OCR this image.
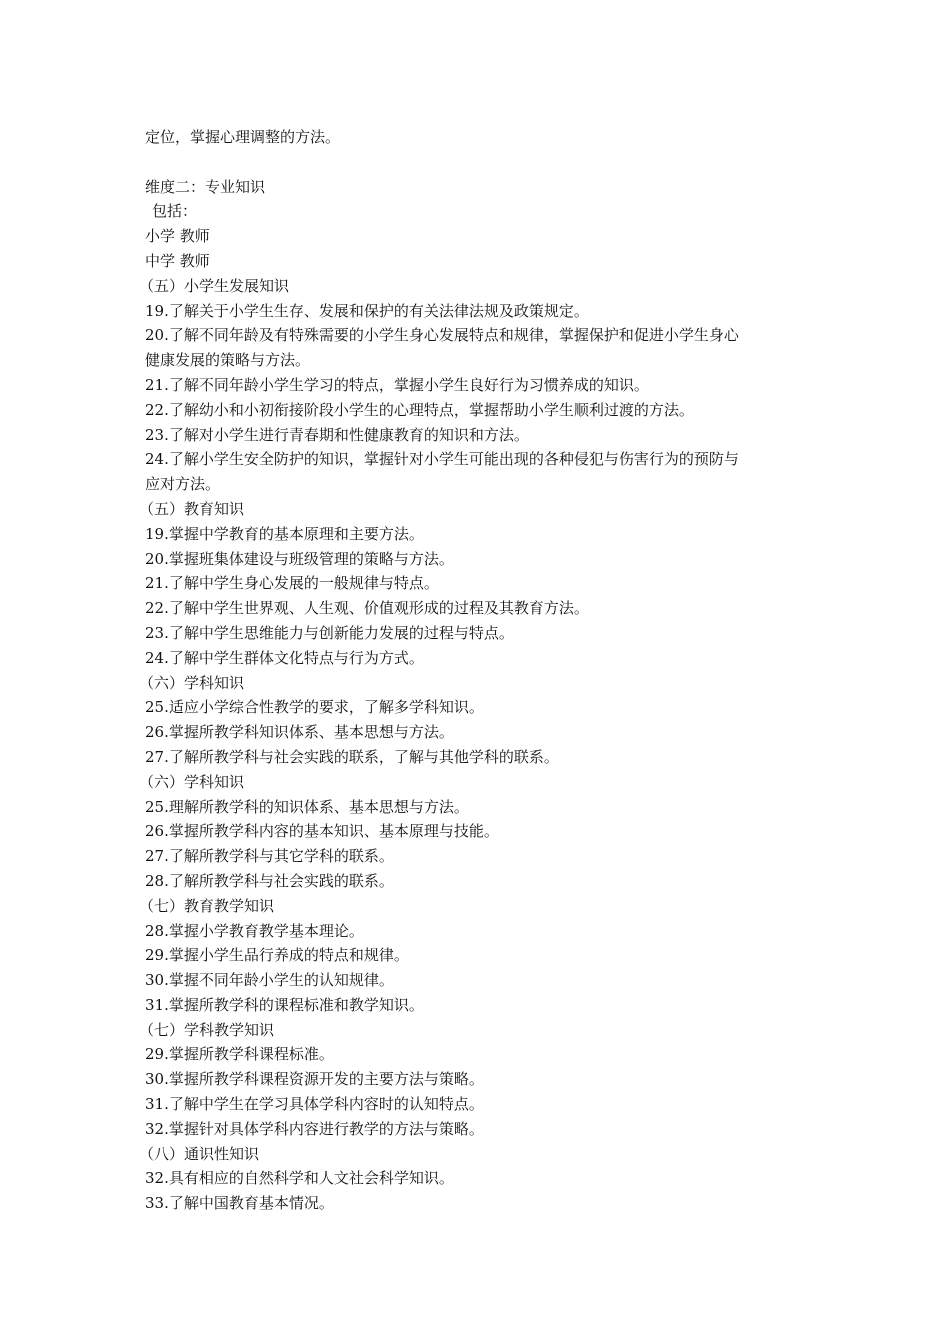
定位，掌握心理调整的方法。

维度二：专业知识

包括：

小学 教师

中学 教师

（五）小学生发展知识

19.了解关于小学生生存、发展和保护的有关法律法规及政策规定。

20.了解不同年龄及有特殊需要的小学生身心发展特点和规律，掌握保护和促进小学生身心

健康发展的策略与方法。

21.了解不同年龄小学生学习的特点，掌握小学生良好行为习惯养成的知识。

22.了解幼小和小初衔接阶段小学生的心理特点，掌握帮助小学生顺利过渡的方法。

23.了解对小学生进行青春期和性健康教育的知识和方法。

24.了解小学生安全防护的知识，掌握针对小学生可能出现的各种侵犯与伤害行为的预防与

应对方法。

（五）教育知识

19.掌握中学教育的基本原理和主要方法。

20.掌握班集体建设与班级管理的策略与方法。

21.了解中学生身心发展的一般规律与特点。

22.了解中学生世界观、人生观、价值观形成的过程及其教育方法。

23.了解中学生思维能力与创新能力发展的过程与特点。

24.了解中学生群体文化特点与行为方式。

（六）学科知识

25.适应小学综合性教学的要求，了解多学科知识。

26.掌握所教学科知识体系、基本思想与方法。

27.了解所教学科与社会实践的联系，了解与其他学科的联系。

（六）学科知识

25.理解所教学科的知识体系、基本思想与方法。

26.掌握所教学科内容的基本知识、基本原理与技能。

27.了解所教学科与其它学科的联系。

28.了解所教学科与社会实践的联系。

（七）教育教学知识

28.掌握小学教育教学基本理论。

29.掌握小学生品行养成的特点和规律。

30.掌握不同年龄小学生的认知规律。

31.掌握所教学科的课程标准和教学知识。

（七）学科教学知识

29.掌握所教学科课程标准。

30.掌握所教学科课程资源开发的主要方法与策略。

31.了解中学生在学习具体学科内容时的认知特点。

32.掌握针对具体学科内容进行教学的方法与策略。

（八）通识性知识

32.具有相应的自然科学和人文社会科学知识。

33.了解中国教育基本情况。
